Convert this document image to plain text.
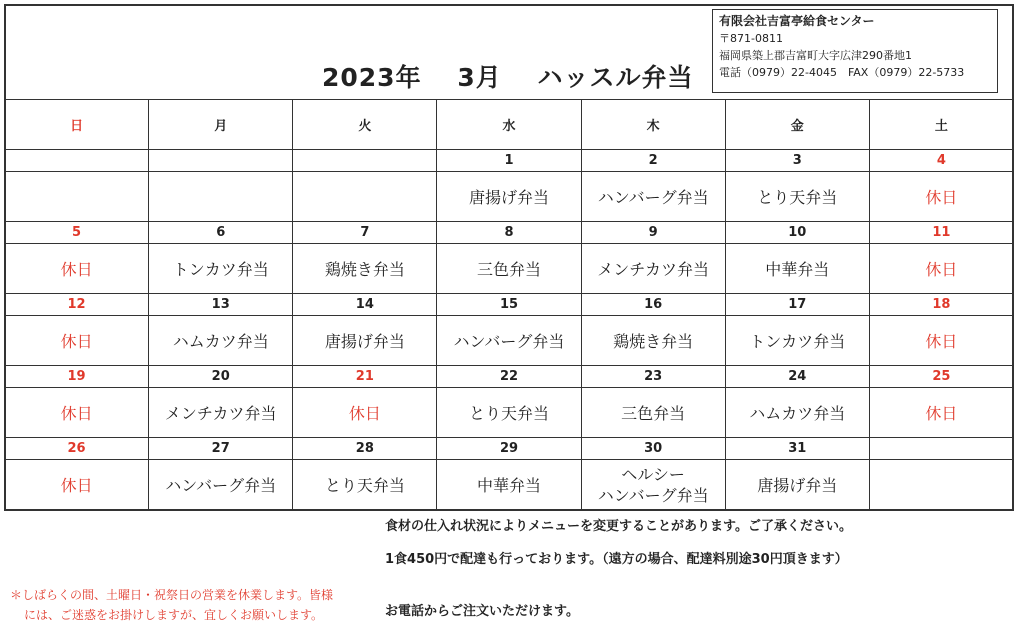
2023年 3月 ハッスル弁当
有限会社吉富亭給食センター
〒871-0811
福岡県築上郡吉富町大字広津290番地1
電話（0979）22-4045　FAX（0979）22-5733
日	月	火	水	木	金	土
			1	2	3	4
			唐揚げ弁当	ハンバーグ弁当	とり天弁当	休日
5	6	7	8	9	10	11
休日	トンカツ弁当	鶏焼き弁当	三色弁当	メンチカツ弁当	中華弁当	休日
12	13	14	15	16	17	18
休日	ハムカツ弁当	唐揚げ弁当	ハンバーグ弁当	鶏焼き弁当	トンカツ弁当	休日
19	20	21	22	23	24	25
休日	メンチカツ弁当	休日	とり天弁当	三色弁当	ハムカツ弁当	休日
26	27	28	29	30	31	
休日	ハンバーグ弁当	とり天弁当	中華弁当	ヘルシー
ハンバーグ弁当	唐揚げ弁当	
食材の仕入れ状況によりメニューを変更することがあります。ご了承ください。
1食450円で配達も行っております。（遠方の場合、配達料別途30円頂きます）
お電話からご注文いただけます。
＊しばらくの間、土曜日・祝祭日の営業を休業します。皆様
には、ご迷惑をお掛けしますが、宜しくお願いします。
